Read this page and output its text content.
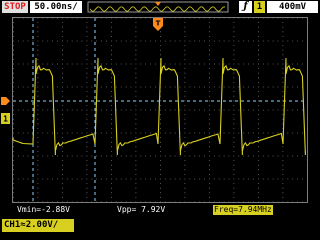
STOP 50.00ns/	ƒ	1	400mV
T
1
Vmin=-2.88V	Vpp= 7.92V	Freq=7.94MHz
CH1≈2.00V/
